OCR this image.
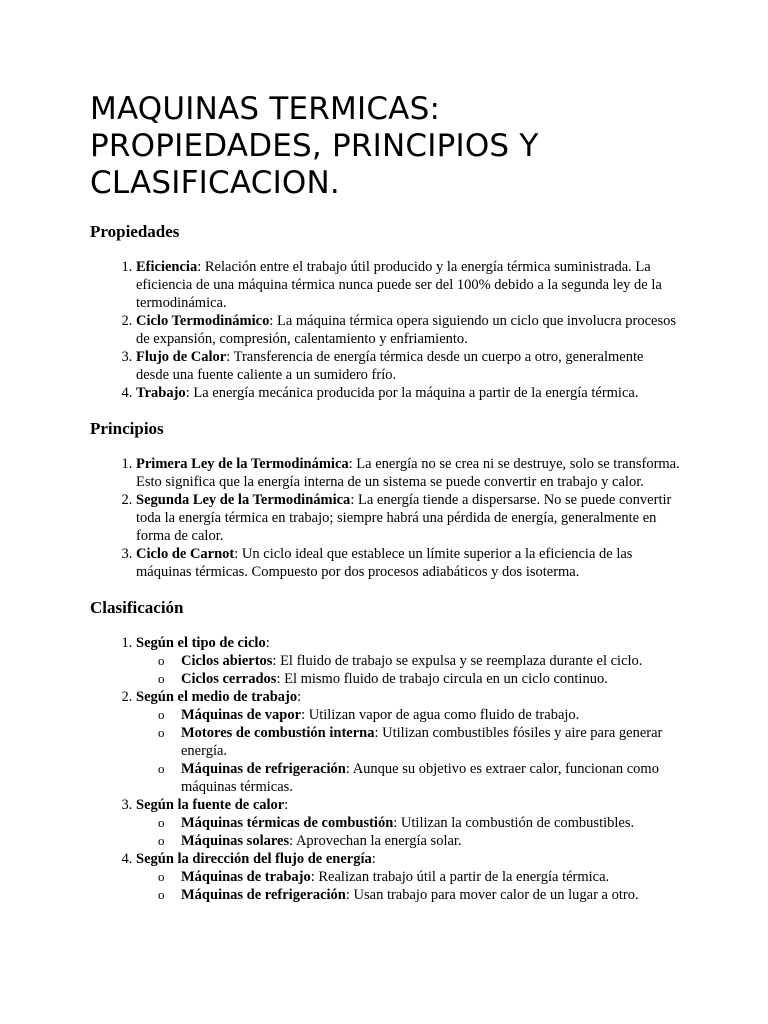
MAQUINAS TERMICAS: PROPIEDADES, PRINCIPIOS Y CLASIFICACION.
Propiedades
1. Eficiencia: Relación entre el trabajo útil producido y la energía térmica suministrada. La eficiencia de una máquina térmica nunca puede ser del 100% debido a la segunda ley de la termodinámica.
2. Ciclo Termodinámico: La máquina térmica opera siguiendo un ciclo que involucra procesos de expansión, compresión, calentamiento y enfriamiento.
3. Flujo de Calor: Transferencia de energía térmica desde un cuerpo a otro, generalmente desde una fuente caliente a un sumidero frío.
4. Trabajo: La energía mecánica producida por la máquina a partir de la energía térmica.
Principios
1. Primera Ley de la Termodinámica: La energía no se crea ni se destruye, solo se transforma. Esto significa que la energía interna de un sistema se puede convertir en trabajo y calor.
2. Segunda Ley de la Termodinámica: La energía tiende a dispersarse. No se puede convertir toda la energía térmica en trabajo; siempre habrá una pérdida de energía, generalmente en forma de calor.
3. Ciclo de Carnot: Un ciclo ideal que establece un límite superior a la eficiencia de las máquinas térmicas. Compuesto por dos procesos adiabáticos y dos isoterma.
Clasificación
1. Según el tipo de ciclo:
o	Ciclos abiertos: El fluido de trabajo se expulsa y se reemplaza durante el ciclo.
o	Ciclos cerrados: El mismo fluido de trabajo circula en un ciclo continuo.
2. Según el medio de trabajo:
o	Máquinas de vapor: Utilizan vapor de agua como fluido de trabajo.
o	Motores de combustión interna: Utilizan combustibles fósiles y aire para generar energía.
o	Máquinas de refrigeración: Aunque su objetivo es extraer calor, funcionan como máquinas térmicas.
3. Según la fuente de calor:
o	Máquinas térmicas de combustión: Utilizan la combustión de combustibles.
o	Máquinas solares: Aprovechan la energía solar.
4. Según la dirección del flujo de energía:
o	Máquinas de trabajo: Realizan trabajo útil a partir de la energía térmica.
o	Máquinas de refrigeración: Usan trabajo para mover calor de un lugar a otro.
